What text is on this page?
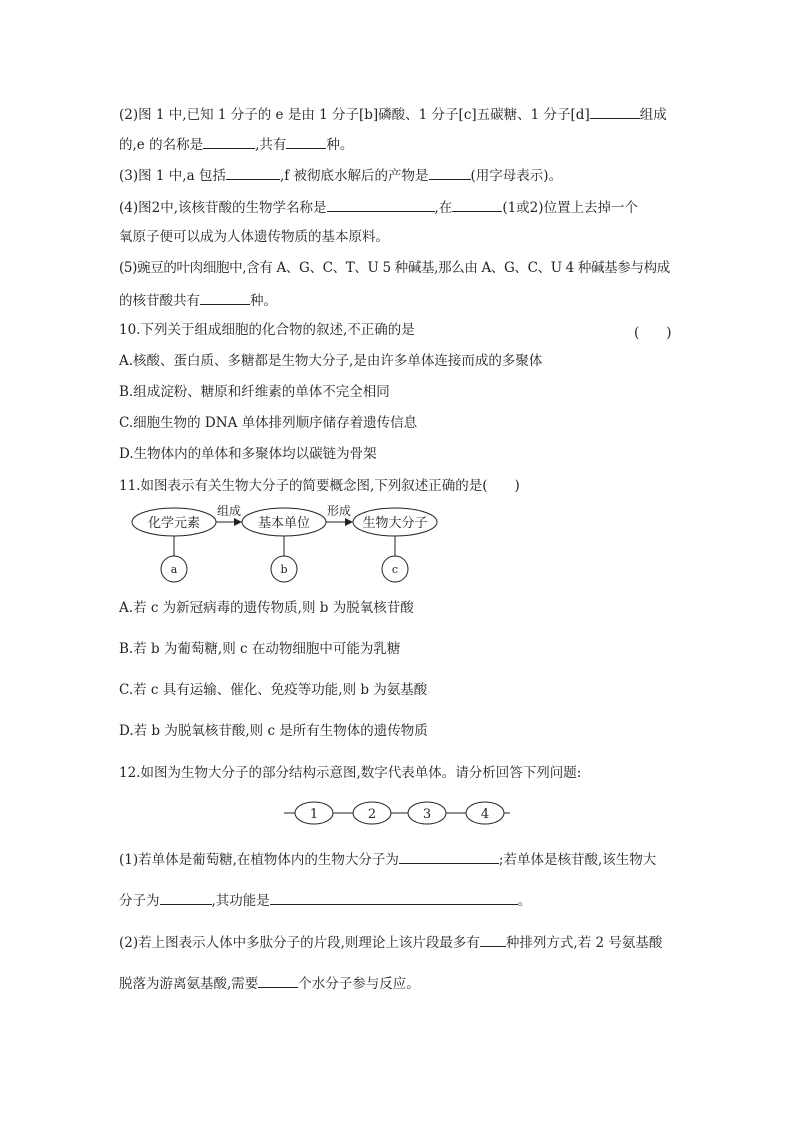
(2)图 1 中,已知 1 分子的 e 是由 1 分子[b]磷酸、1 分子[c]五碳糖、1 分子[d]	组成
的,e 的名称是	,共有	种。
(3)图 1 中,a 包括	,f 被彻底水解后的产物是	(用字母表示)。
(4)图2中,该核苷酸的生物学名称是	,在	(1或2)位置上去掉一个
氧原子便可以成为人体遗传物质的基本原料。
(5)豌豆的叶肉细胞中,含有 A、G、C、T、U 5 种碱基,那么由 A、G、C、U 4 种碱基参与构成
的核苷酸共有	种。
10.下列关于组成细胞的化合物的叙述,不正确的是	(　　)
A.核酸、蛋白质、多糖都是生物大分子,是由许多单体连接而成的多聚体
B.组成淀粉、糖原和纤维素的单体不完全相同
C.细胞生物的 DNA 单体排列顺序储存着遗传信息
D.生物体内的单体和多聚体均以碳链为骨架
11.如图表示有关生物大分子的简要概念图,下列叙述正确的是(　　)
化学元素	基本单位	生物大分子
组成	形成
a	b	c
A.若 c 为新冠病毒的遗传物质,则 b 为脱氧核苷酸
B.若 b 为葡萄糖,则 c 在动物细胞中可能为乳糖
C.若 c 具有运输、催化、免疫等功能,则 b 为氨基酸
D.若 b 为脱氧核苷酸,则 c 是所有生物体的遗传物质
12.如图为生物大分子的部分结构示意图,数字代表单体。请分析回答下列问题:
1	2	3	4
(1)若单体是葡萄糖,在植物体内的生物大分子为	;若单体是核苷酸,该生物大
分子为	,其功能是	。
(2)若上图表示人体中多肽分子的片段,则理论上该片段最多有 种排列方式,若 2 号氨基酸
脱落为游离氨基酸,需要	个水分子参与反应。
